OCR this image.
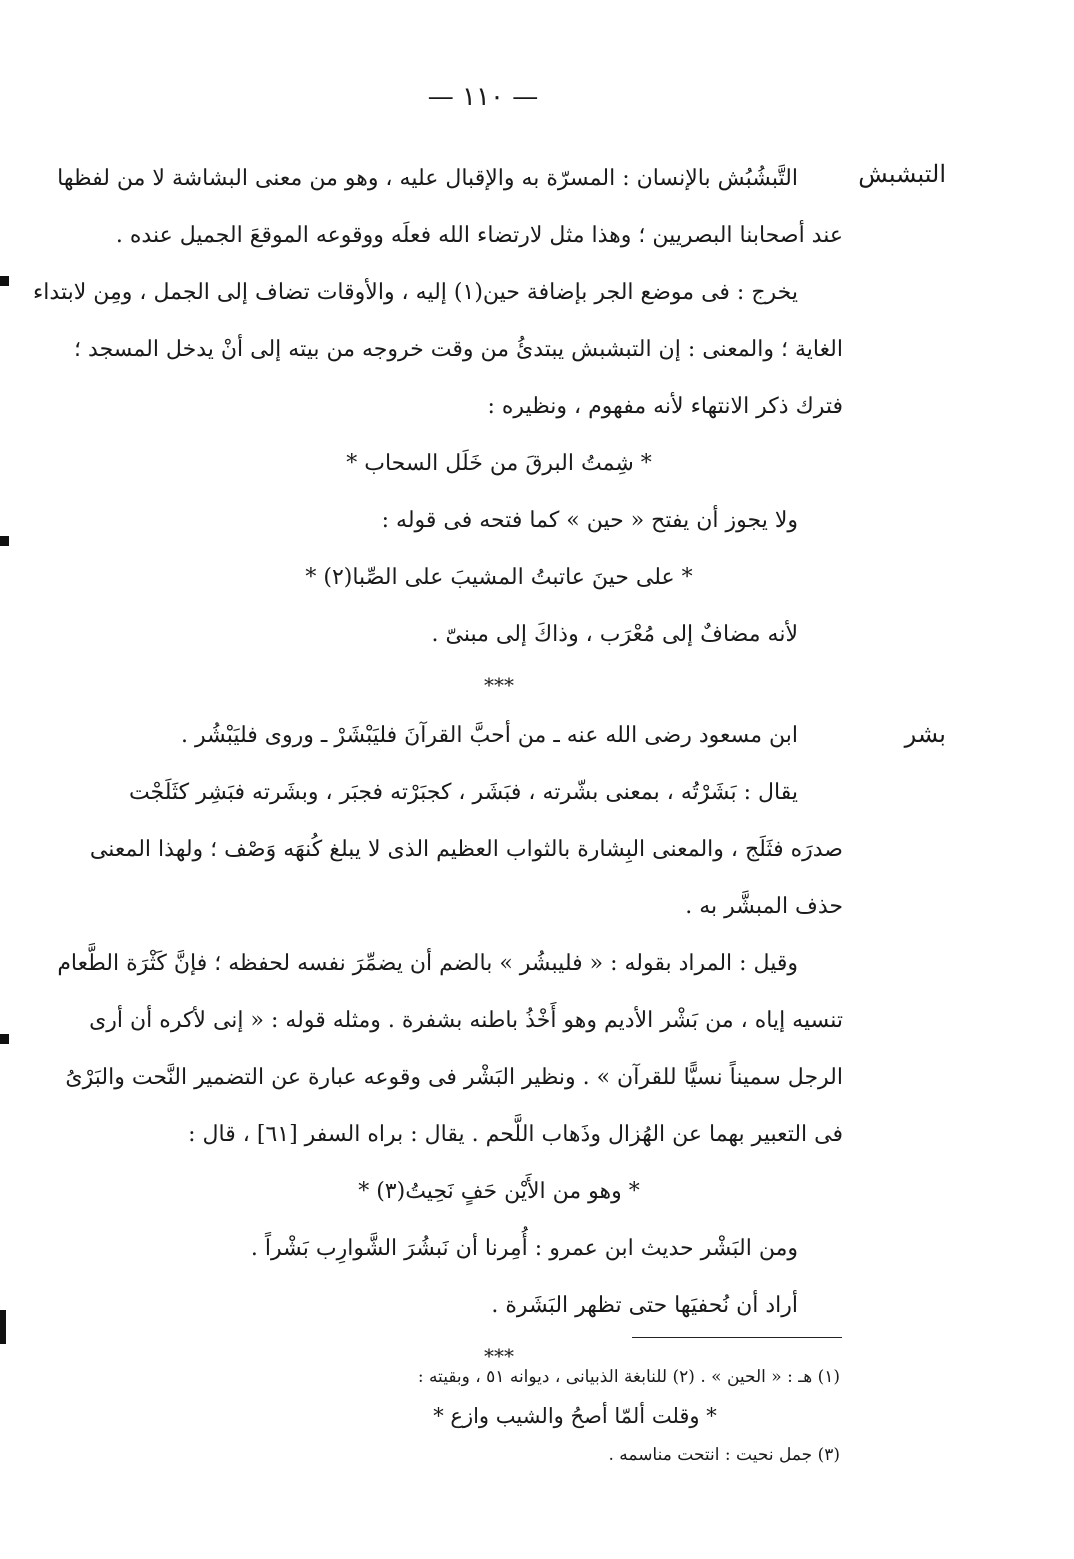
— ١١٠ —
التبشبش
بشر
التَّبشُبُش بالإنسان : المسرّة به والإقبال عليه ، وهو من معنى البشاشة لا من لفظها
عند أصحابنا البصريين ؛ وهذا مثل لارتضاء الله فعلَه ووقوعه الموقعَ الجميل عنده .
يخرج : فى موضع الجر بإضافة حين(١) إليه ، والأوقات تضاف إلى الجمل ، ومِن لابتداء
الغاية ؛ والمعنى : إن التبشبش يبتدئُ من وقت خروجه من بيته إلى أنْ يدخل المسجد ؛
فترك ذكر الانتهاء لأنه مفهوم ، ونظيره :
* شِمتُ البرقَ من خَلَل السحاب *
ولا يجوز أن يفتح « حين » كما فتحه فى قوله :
* على حينَ عاتبتُ المشيبَ على الصِّبا(٢) *
لأنه مضافٌ إلى مُعْرَب ، وذاكَ إلى مبنىّ .
***
ابن مسعود رضى الله عنه ـ من أحبَّ القرآنَ فليَبْشَرْ ـ وروى فليَبْشُر .
يقال : بَشَرْتُه ، بمعنى بشّرته ، فبَشَر ، كجبَرْته فجبَر ، وبشَرته فبَشِر كثَلَجْت
صدرَه فثَلَج ، والمعنى البِشارة بالثواب العظيم الذى لا يبلغ كُنهَه وَصْف ؛ ولهذا المعنى
حذف المبشَّر به .
وقيل : المراد بقوله : « فليبشُر » بالضم أن يضمِّرَ نفسه لحفظه ؛ فإنَّ كَثْرَة الطَّعام
تنسيه إياه ، من بَشْر الأديم وهو أَخْذُ باطنه بشفرة . ومثله قوله : « إنى لأكره أن أرى
الرجل سميناً نسيًّا للقرآن » . ونظير البَشْر فى وقوعه عبارة عن التضمير النَّحت والبَرْىُ
فى التعبير بهما عن الهُزال وذَهاب اللَّحم . يقال : براه السفر [٦١] ، قال :
* وهو من الأَيْن حَفٍ نَحِيتُ(٣) *
ومن البَشْر حديث ابن عمرو : أُمِرنا أن نَبشُرَ الشَّوارِب بَشْراً .
أراد أن نُحفيَها حتى تظهر البَشَرة .
***
(١) هـ : « الحين » . (٢) للنابغة الذبيانى ، ديوانه ٥١ ، وبقيته :
* وقلت ألمّا أصحُ والشيب وازع *
(٣) جمل نحيت : انتحت مناسمه .
